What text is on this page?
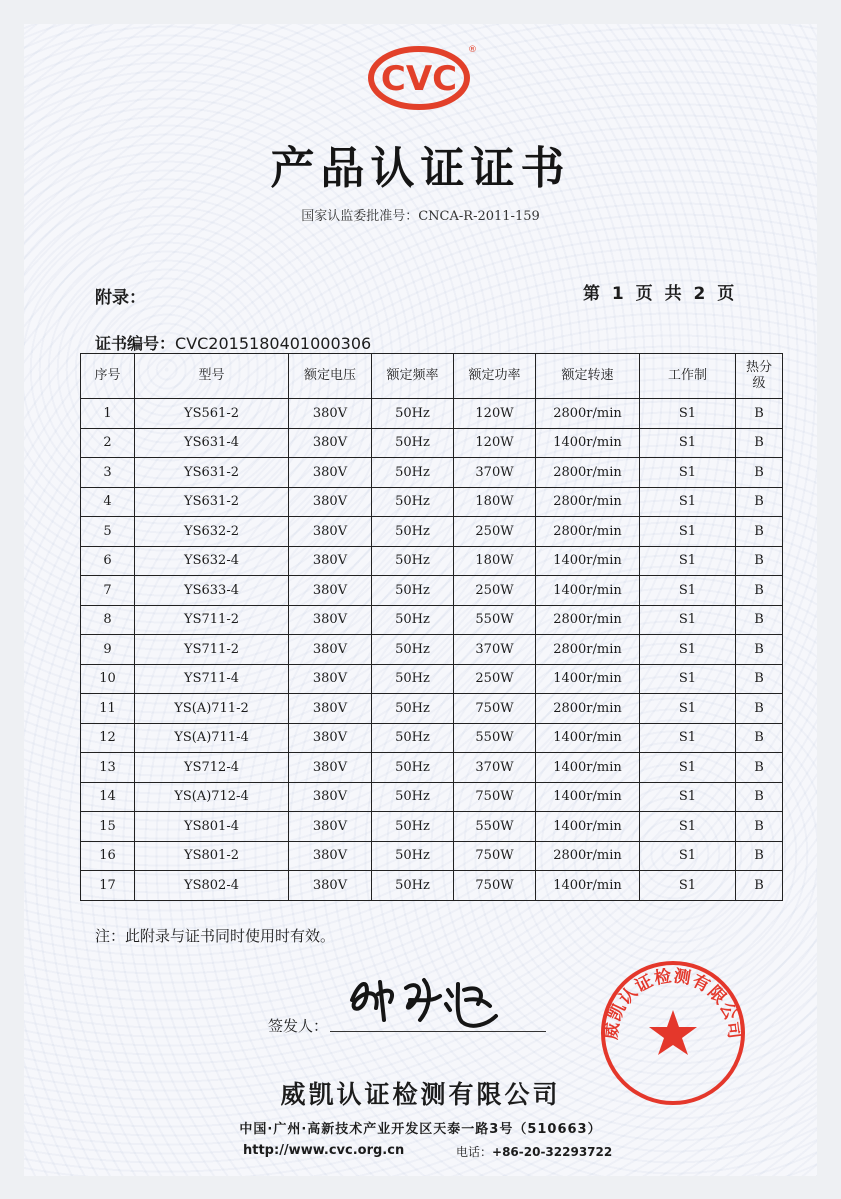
CVC
®
产品认证证书
国家认监委批准号：CNCA-R-2011-159
附录：	第 1 页 共 2 页
证书编号：CVC2015180401000306
序号	型号	额定电压	额定频率	额定功率	额定转速	工作制	热分级
1	YS561-2	380V	50Hz	120W	2800r/min	S1	B
2	YS631-4	380V	50Hz	120W	1400r/min	S1	B
3	YS631-2	380V	50Hz	370W	2800r/min	S1	B
4	YS631-2	380V	50Hz	180W	2800r/min	S1	B
5	YS632-2	380V	50Hz	250W	2800r/min	S1	B
6	YS632-4	380V	50Hz	180W	1400r/min	S1	B
7	YS633-4	380V	50Hz	250W	1400r/min	S1	B
8	YS711-2	380V	50Hz	550W	2800r/min	S1	B
9	YS711-2	380V	50Hz	370W	2800r/min	S1	B
10	YS711-4	380V	50Hz	250W	1400r/min	S1	B
11	YS(A)711-2	380V	50Hz	750W	2800r/min	S1	B
12	YS(A)711-4	380V	50Hz	550W	1400r/min	S1	B
13	YS712-4	380V	50Hz	370W	1400r/min	S1	B
14	YS(A)712-4	380V	50Hz	750W	1400r/min	S1	B
15	YS801-4	380V	50Hz	550W	1400r/min	S1	B
16	YS801-2	380V	50Hz	750W	2800r/min	S1	B
17	YS802-4	380V	50Hz	750W	1400r/min	S1	B
注：此附录与证书同时使用时有效。
签发人：	威凯认证检测有限公司
威凯认证检测有限公司
中国·广州·高新技术产业开发区天泰一路3号（510663）
http://www.cvc.org.cn	电话：+86-20-32293722
